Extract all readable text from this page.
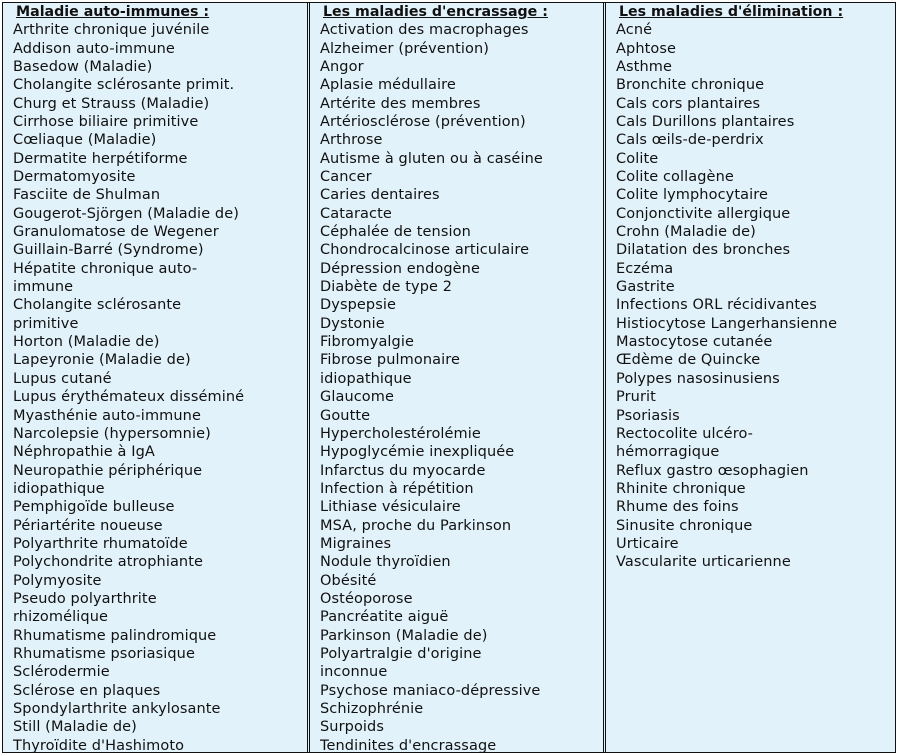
Maladie auto-immunes :
Arthrite chronique juvénile
Addison auto-immune
Basedow (Maladie)
Cholangite sclérosante primit.
Churg et Strauss (Maladie)
Cirrhose biliaire primitive
Cœliaque (Maladie)
Dermatite herpétiforme
Dermatomyosite
Fasciite de Shulman
Gougerot-Sjörgen (Maladie de)
Granulomatose de Wegener
Guillain-Barré (Syndrome)
Hépatite chronique auto-
immune
Cholangite sclérosante
primitive
Horton (Maladie de)
Lapeyronie (Maladie de)
Lupus cutané
Lupus érythémateux disséminé
Myasthénie auto-immune
Narcolepsie (hypersomnie)
Néphropathie à IgA
Neuropathie périphérique
idiopathique
Pemphigoïde bulleuse
Périartérite noueuse
Polyarthrite rhumatoïde
Polychondrite atrophiante
Polymyosite
Pseudo polyarthrite
rhizomélique
Rhumatisme palindromique
Rhumatisme psoriasique
Sclérodermie
Sclérose en plaques
Spondylarthrite ankylosante
Still (Maladie de)
Thyroïdite d'Hashimoto
Les maladies d'encrassage :
Activation des macrophages
Alzheimer (prévention)
Angor
Aplasie médullaire
Artérite des membres
Artériosclérose (prévention)
Arthrose
Autisme à gluten ou à caséine
Cancer
Caries dentaires
Cataracte
Céphalée de tension
Chondrocalcinose articulaire
Dépression endogène
Diabète de type 2
Dyspepsie
Dystonie
Fibromyalgie
Fibrose pulmonaire
idiopathique
Glaucome
Goutte
Hypercholestérolémie
Hypoglycémie inexpliquée
Infarctus du myocarde
Infection à répétition
Lithiase vésiculaire
MSA, proche du Parkinson
Migraines
Nodule thyroïdien
Obésité
Ostéoporose
Pancréatite aiguë
Parkinson (Maladie de)
Polyartralgie d'origine
inconnue
Psychose maniaco-dépressive
Schizophrénie
Surpoids
Tendinites d'encrassage
Les maladies d'élimination :
Acné
Aphtose
Asthme
Bronchite chronique
Cals cors plantaires
Cals Durillons plantaires
Cals œils-de-perdrix
Colite
Colite collagène
Colite lymphocytaire
Conjonctivite allergique
Crohn (Maladie de)
Dilatation des bronches
Eczéma
Gastrite
Infections ORL récidivantes
Histiocytose Langerhansienne
Mastocytose cutanée
Œdème de Quincke
Polypes nasosinusiens
Prurit
Psoriasis
Rectocolite ulcéro-
hémorragique
Reflux gastro œsophagien
Rhinite chronique
Rhume des foins
Sinusite chronique
Urticaire
Vascularite urticarienne
